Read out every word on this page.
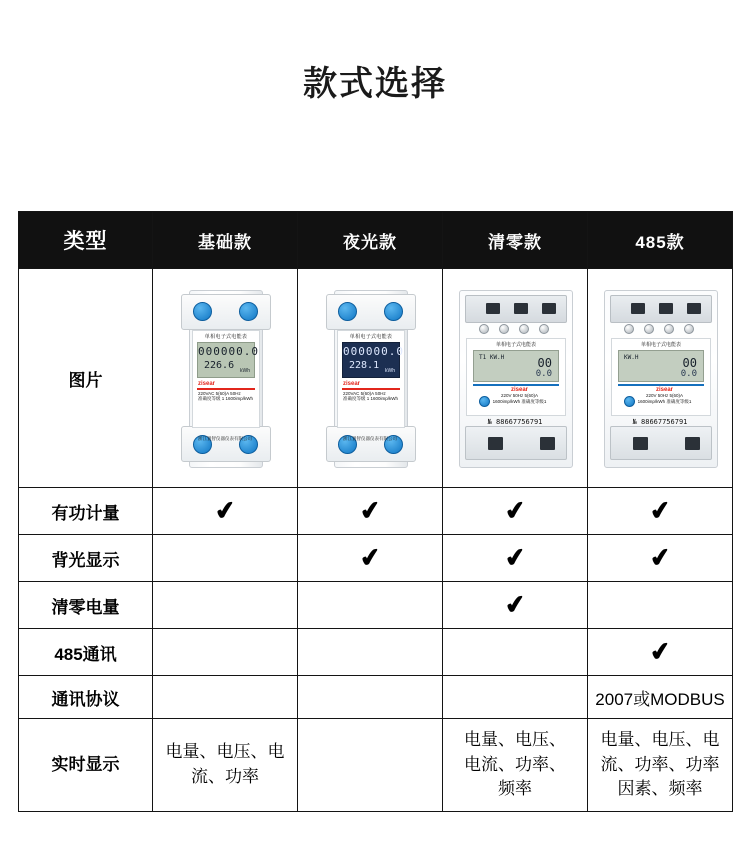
款式选择
类型	基础款	夜光款	清零款	485款
图片	
单相电子式电能表
000000.0
226.6	kWh
zisear
220VAC 5(60)A 50Hz
准确度等级 1 1600imp/kWh
浙江置智仪器仪表有限公司

单相电子式电能表
000000.0
228.1	kWh
zisear
220VAC 5(60)A 50Hz
准确度等级 1 1600imp/kWh
浙江置智仪器仪表有限公司

单相电子式电能表
T1 KW.H	00
0.0
zisear
220V 50Hz 5(60)A
1600imp/kWh 准确度等级1
№ 88667756791

单相电子式电能表
KW.H	00
0.0
zisear
220V 50Hz 5(60)A
1600imp/kWh 准确度等级1
№ 88667756791

有功计量	✔	✔	✔	✔
背光显示		✔	✔	✔
清零电量			✔	
485通讯				✔
通讯协议				2007或MODBUS
实时显示	电量、电压、电流、功率		电量、电压、
电流、功率、
频率	电量、电压、电
流、功率、功率
因素、频率
